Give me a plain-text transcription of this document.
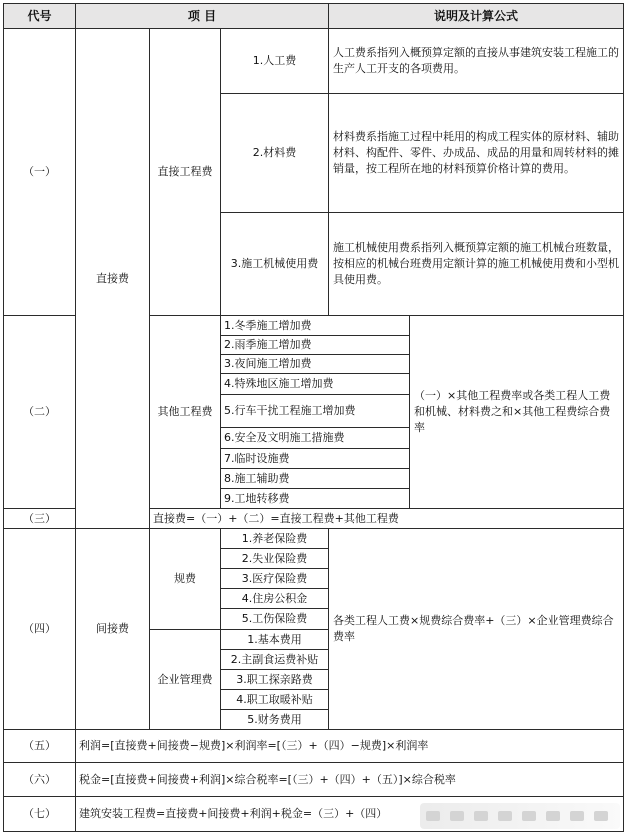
代号	项 目	说明及计算公式
（一）
（二）
（三）
（四）
（五）
（六）
（七）
直接费
直接工程费
1.人工费
人工费系指列入概预算定额的直接从事建筑安装工程施工的生产人工开支的各项费用。
2.材料费
材料费系指施工过程中耗用的构成工程实体的原材料、辅助材料、构配件、零件、办成品、成品的用量和周转材料的摊销量，按工程所在地的材料预算价格计算的费用。
3.施工机械使用费
施工机械使用费系指列入概预算定额的施工机械台班数量，按相应的机械台班费用定额计算的施工机械使用费和小型机具使用费。
其他工程费
1.冬季施工增加费
2.雨季施工增加费
3.夜间施工增加费
4.特殊地区施工增加费
5.行车干扰工程施工增加费
6.安全及文明施工措施费
7.临时设施费
8.施工辅助费
9.工地转移费
（一）×其他工程费率或各类工程人工费和机械、材料费之和×其他工程费综合费率
直接费=（一）+（二）=直接工程费+其他工程费
间接费
规费
1.养老保险费
2.失业保险费
3.医疗保险费
4.住房公积金
5.工伤保险费
企业管理费
1.基本费用
2.主副食运费补贴
3.职工探亲路费
4.职工取暖补贴
5.财务费用
各类工程人工费×规费综合费率+（三）×企业管理费综合费率
利润=[直接费+间接费−规费]×利润率=[（三）+（四）−规费]×利润率
税金=[直接费+间接费+利润]×综合税率=[（三）+（四）+（五）]×综合税率
建筑安装工程费=直接费+间接费+利润+税金=（三）+（四）
